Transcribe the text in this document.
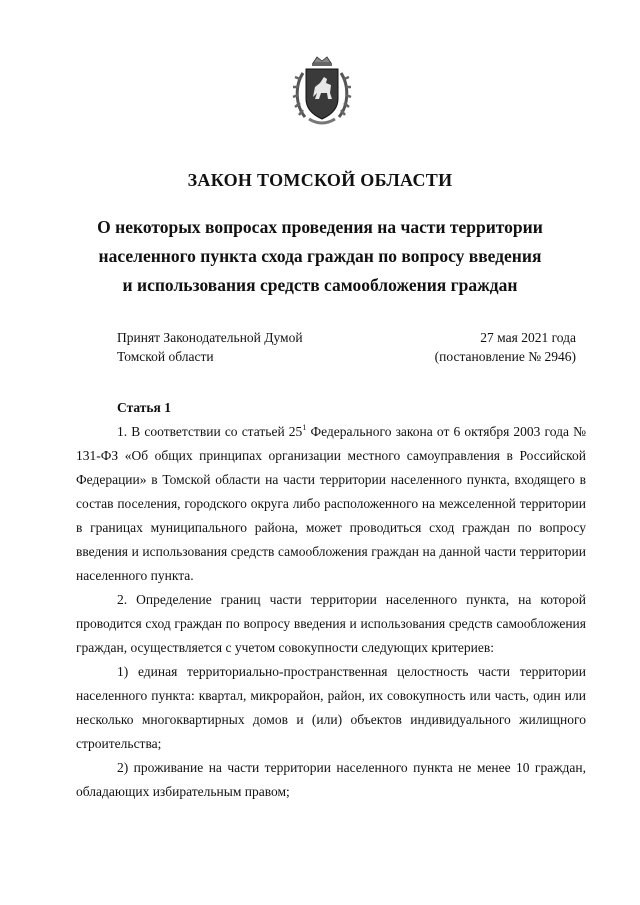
ЗАКОН ТОМСКОЙ ОБЛАСТИ
О некоторых вопросах проведения на части территории
населенного пункта схода граждан по вопросу введения
и использования средств самообложения граждан
Принят Законодательной Думой
Томской области
27 мая 2021 года
(постановление № 2946)
Статья 1

1. В соответствии со статьей $25^1$ Федерального закона от 6 октября 2003 года № 131-ФЗ «Об общих принципах организации местного самоуправления в Российской Федерации» в Томской области на части территории населенного пункта, входящего в состав поселения, городского округа либо расположенного на межселенной территории в границах муниципального района, может проводиться сход граждан по вопросу введения и использования средств самообложения граждан на данной части территории населенного пункта.

2. Определение границ части территории населенного пункта, на которой проводится сход граждан по вопросу введения и использования средств самообложения граждан, осуществляется с учетом совокупности следующих критериев:

1) единая территориально-пространственная целостность части территории населенного пункта: квартал, микрорайон, район, их совокупность или часть, один или несколько многоквартирных домов и (или) объектов индивидуального жилищного строительства;

2) проживание на части территории населенного пункта не менее 10 граждан, обладающих избирательным правом;
